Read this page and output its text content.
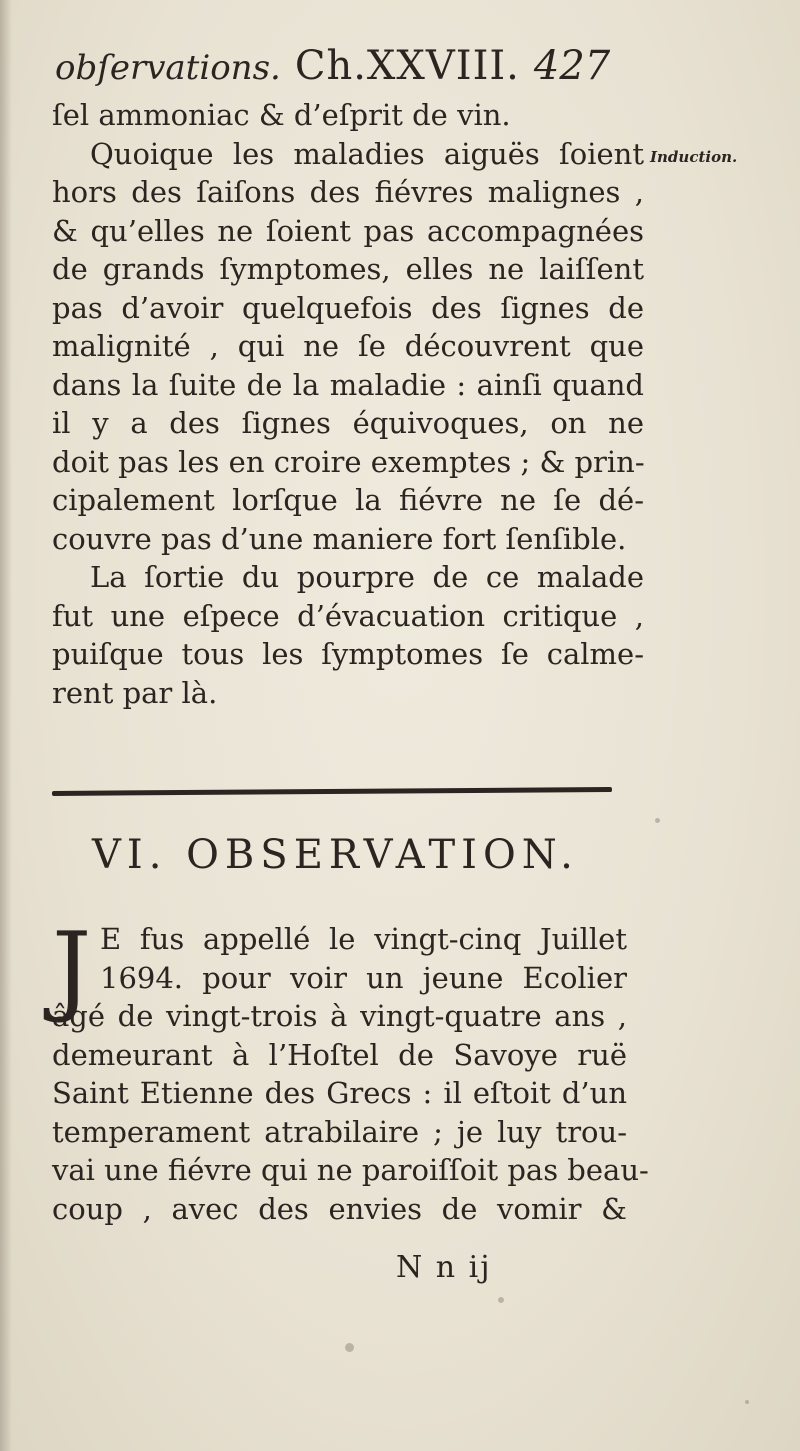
obſervations. Ch.XXVIII. 427
Induction.
ſel ammoniac & d’eſprit de vin.
Quoique les maladies aiguës ſoient
hors des ſaiſons des fiévres malignes ,
& qu’elles ne ſoient pas accompagnées
de grands ſymptomes, elles ne laiſſent
pas d’avoir quelquefois des ſignes de
malignité , qui ne ſe découvrent que
dans la ſuite de la maladie : ainſi quand
il y a des ſignes équivoques, on ne
doit pas les en croire exemptes ; & prin-
cipalement lorſque la fiévre ne ſe dé-
couvre pas d’une maniere fort ſenſible.
La ſortie du pourpre de ce malade
fut une eſpece d’évacuation critique ,
puiſque tous les ſymptomes ſe calme-
rent par là.
VI. OBSERVATION.
J E fus appellé le vingt-cinq Juillet
1694. pour voir un jeune Ecolier
âgé de vingt-trois à vingt-quatre ans ,
demeurant à l’Hoſtel de Savoye ruë
Saint Etienne des Grecs : il eſtoit d’un
temperament atrabilaire ; je luy trou-
vai une fiévre qui ne paroiſſoit pas beau-
coup , avec des envies de vomir &
N n ij
